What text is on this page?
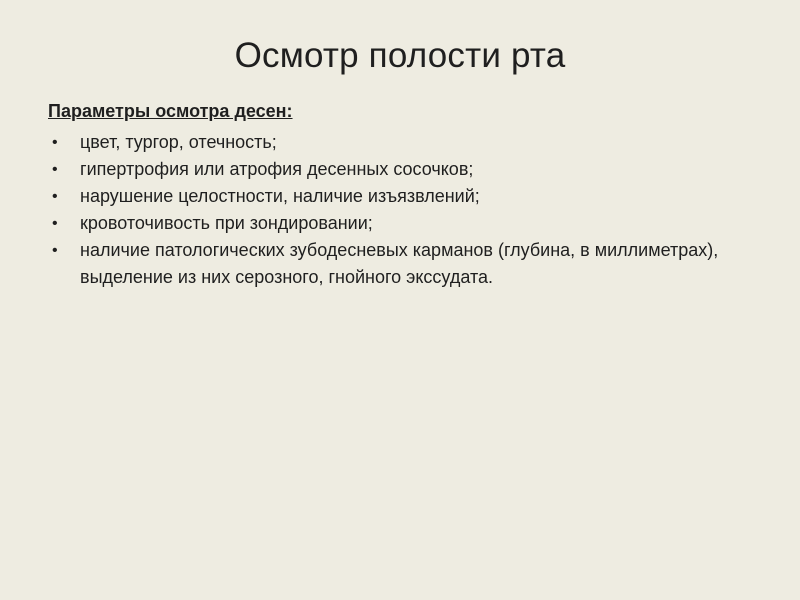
Осмотр полости рта
Параметры осмотра десен:
• цвет, тургор, отечность;
• гипертрофия или атрофия десенных сосочков;
• нарушение целостности, наличие изъязвлений;
• кровоточивость при зондировании;
• наличие патологических зубодесневых карманов (глубина, в миллиметрах), выделение из них серозного, гнойного экссудата.
